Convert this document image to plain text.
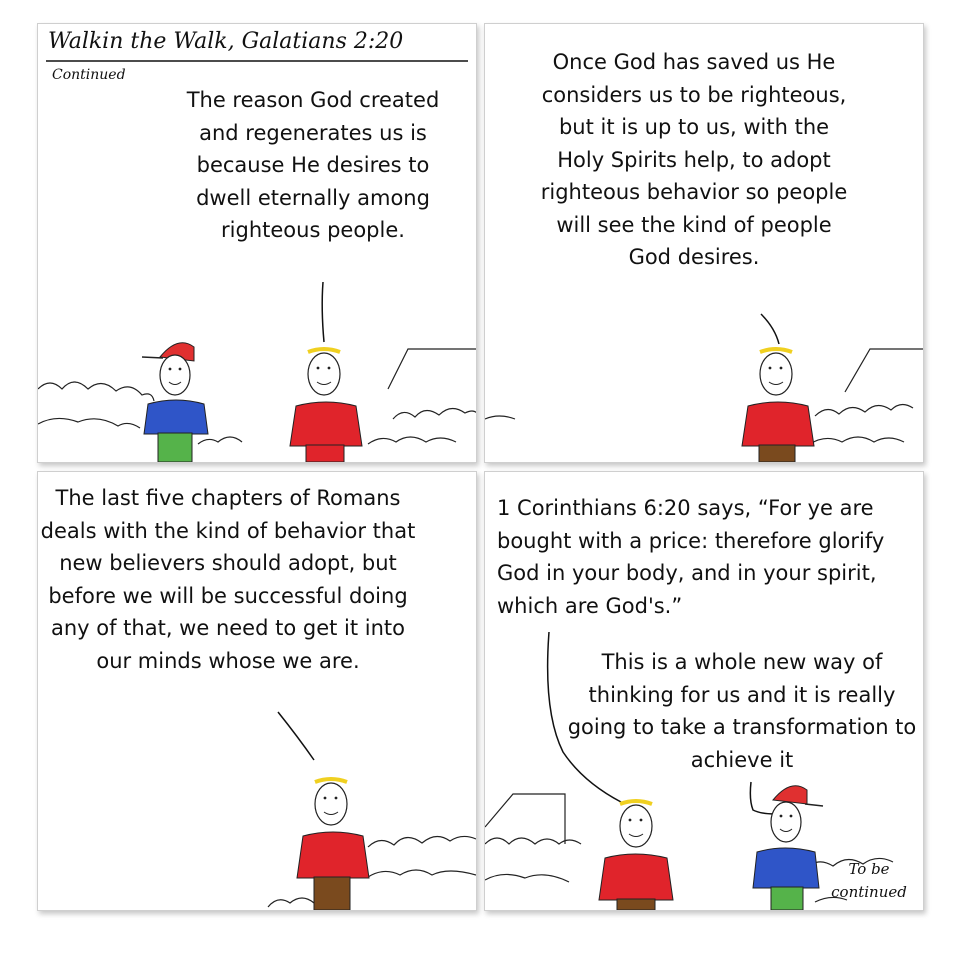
Walkin the Walk, Galatians 2:20
Continued
The reason God created and regenerates us is because He desires to dwell eternally among righteous people.
Once God has saved us He considers us to be righteous, but it is up to us, with the Holy Spirits help, to adopt righteous behavior so people will see the kind of people God desires.
The last five chapters of Romans deals with the kind of behavior that new believers should adopt, but before we will be successful doing any of that, we need to get it into our minds whose we are.
1 Corinthians 6:20 says, “For ye are bought with a price: therefore glorify God in your body, and in your spirit, which are God's.”
This is a whole new way of thinking for us and it is really going to take a transformation to achieve it
To be continued
